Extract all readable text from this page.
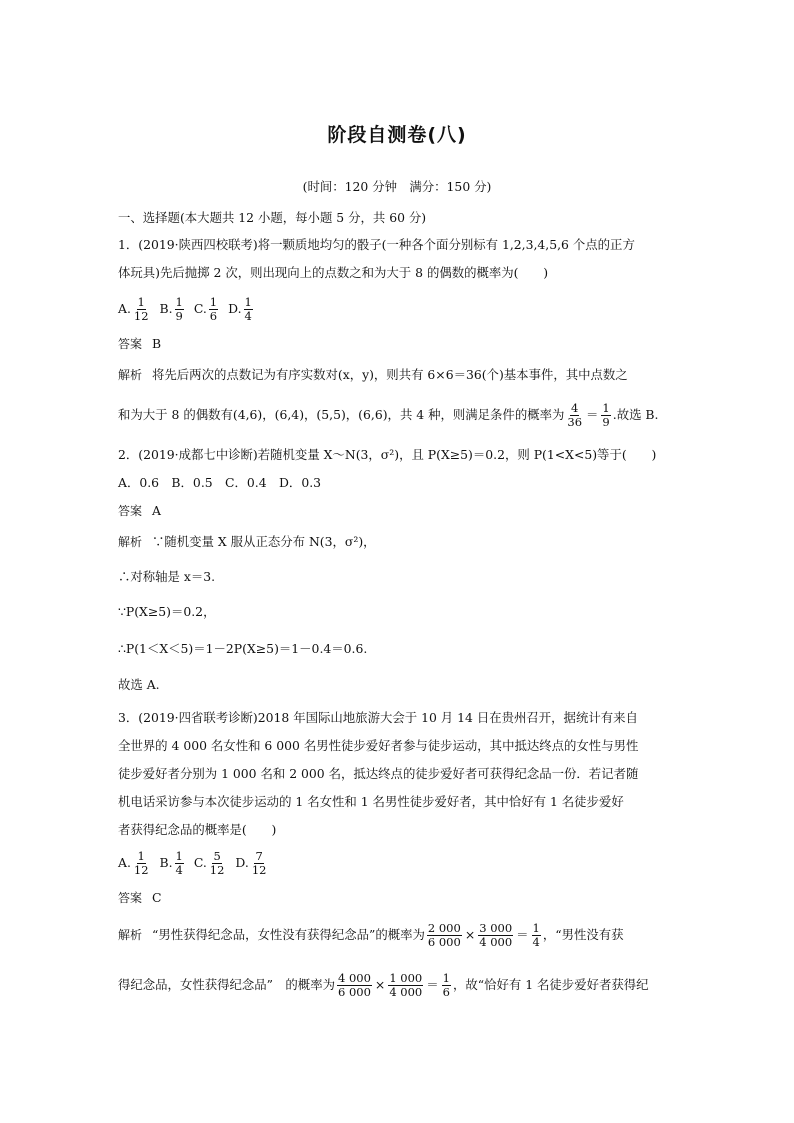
阶段自测卷(八)
(时间：120 分钟　满分：150 分)
一、选择题(本大题共 12 小题，每小题 5 分，共 60 分)
1．(2019·陕西四校联考)将一颗质地均匀的骰子(一种各个面分别标有 1,2,3,4,5,6 个点的正方
体玩具)先后抛掷 2 次，则出现向上的点数之和为大于 8 的偶数的概率为(　　)
A. $\frac{1}{12}$
B. $\frac{1}{9}$
C. $\frac{1}{6}$
D. $\frac{1}{4}$
答案 B
解析 将先后两次的点数记为有序实数对(x，y)，则共有 6×6＝36(个)基本事件，其中点数之
和为大于 8 的偶数有(4,6)，(6,4)，(5,5)，(6,6)，共 4 种，则满足条件的概率为 $\frac{4}{36} = \frac{1}{9}$ .故选 B.
2．(2019·成都七中诊断)若随机变量 X～N(3，σ²)，且 P(X≥5)＝0.2，则 P(1<X<5)等于(　　)
A．0.6　B．0.5　C．0.4　D．0.3
答案 A
解析 ∵随机变量 X 服从正态分布 N(3，σ²)，
∴对称轴是 x＝3.
∵P(X≥5)＝0.2，
∴P(1＜X＜5)＝1－2P(X≥5)＝1－0.4＝0.6.
故选 A.
3．(2019·四省联考诊断)2018 年国际山地旅游大会于 10 月 14 日在贵州召开，据统计有来自
全世界的 4 000 名女性和 6 000 名男性徒步爱好者参与徒步运动，其中抵达终点的女性与男性
徒步爱好者分别为 1 000 名和 2 000 名，抵达终点的徒步爱好者可获得纪念品一份．若记者随
机电话采访参与本次徒步运动的 1 名女性和 1 名男性徒步爱好者，其中恰好有 1 名徒步爱好
者获得纪念品的概率是(　　)
A. $\frac{1}{12}$
B. $\frac{1}{4}$
C. $\frac{5}{12}$
D. $\frac{7}{12}$
答案 C
解析 “男性获得纪念品，女性没有获得纪念品”的概率为 $\frac{2 000}{6 000} \times \frac{3 000}{4 000} = \frac{1}{4}$ ，“男性没有获
得纪念品，女性获得纪念品”　的概率为 $\frac{4 000}{6 000} \times \frac{1 000}{4 000} = \frac{1}{6}$ ，故“恰好有 1 名徒步爱好者获得纪
